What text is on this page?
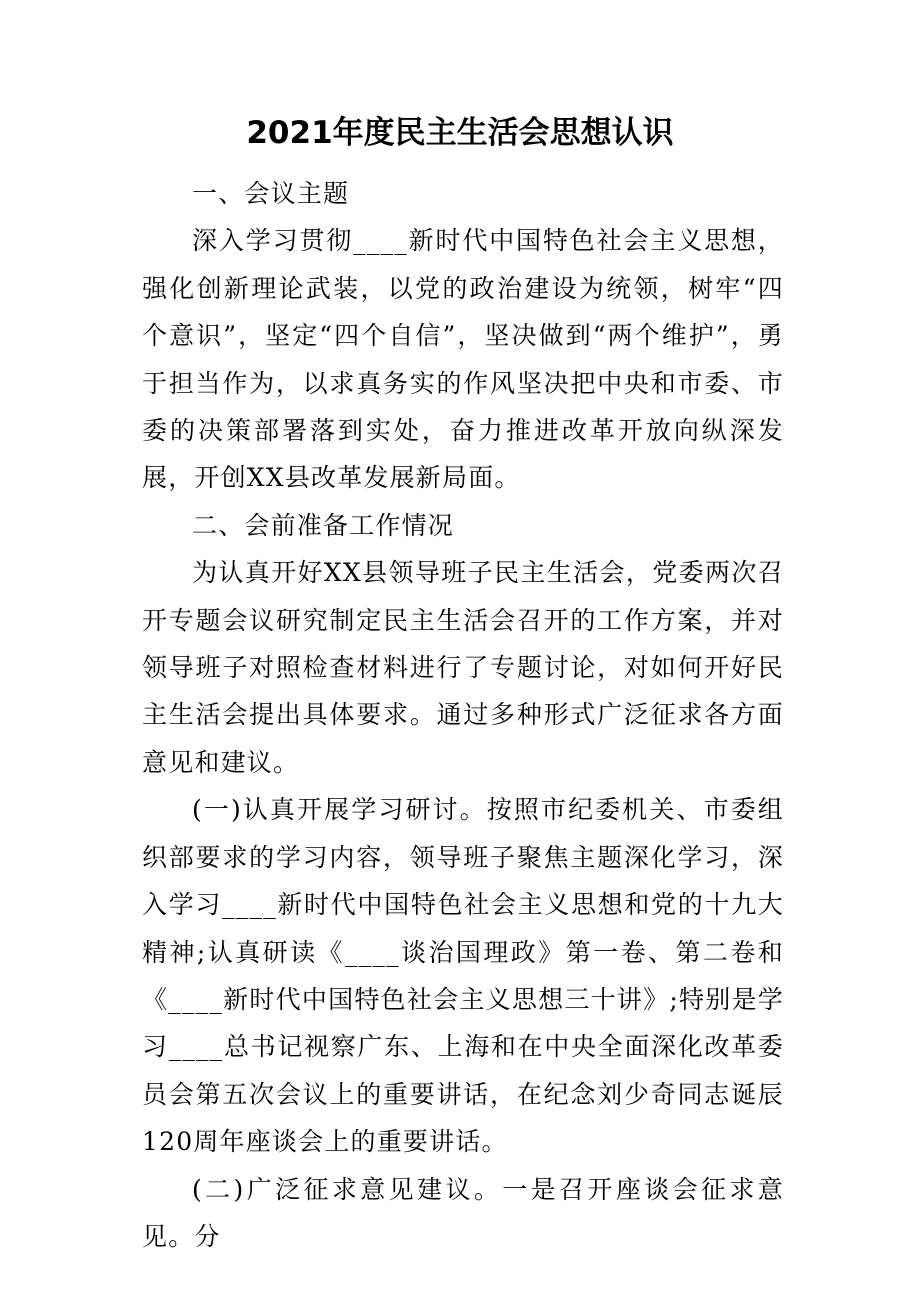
2021年度民主生活会思想认识

一、会议主题

深入学习贯彻____新时代中国特色社会主义思想，强化创新理论武装，以党的政治建设为统领，树牢“四个意识”，坚定“四个自信”，坚决做到“两个维护”，勇于担当作为，以求真务实的作风坚决把中央和市委、市委的决策部署落到实处，奋力推进改革开放向纵深发展，开创XX县改革发展新局面。

二、会前准备工作情况

为认真开好XX县领导班子民主生活会，党委两次召开专题会议研究制定民主生活会召开的工作方案，并对领导班子对照检查材料进行了专题讨论，对如何开好民主生活会提出具体要求。通过多种形式广泛征求各方面意见和建议。

(一)认真开展学习研讨。按照市纪委机关、市委组织部要求的学习内容，领导班子聚焦主题深化学习，深入学习____新时代中国特色社会主义思想和党的十九大精神;认真研读《____谈治国理政》第一卷、第二卷和《____新时代中国特色社会主义思想三十讲》;特别是学习____总书记视察广东、上海和在中央全面深化改革委员会第五次会议上的重要讲话，在纪念刘少奇同志诞辰120周年座谈会上的重要讲话。

(二)广泛征求意见建议。一是召开座谈会征求意见。分
